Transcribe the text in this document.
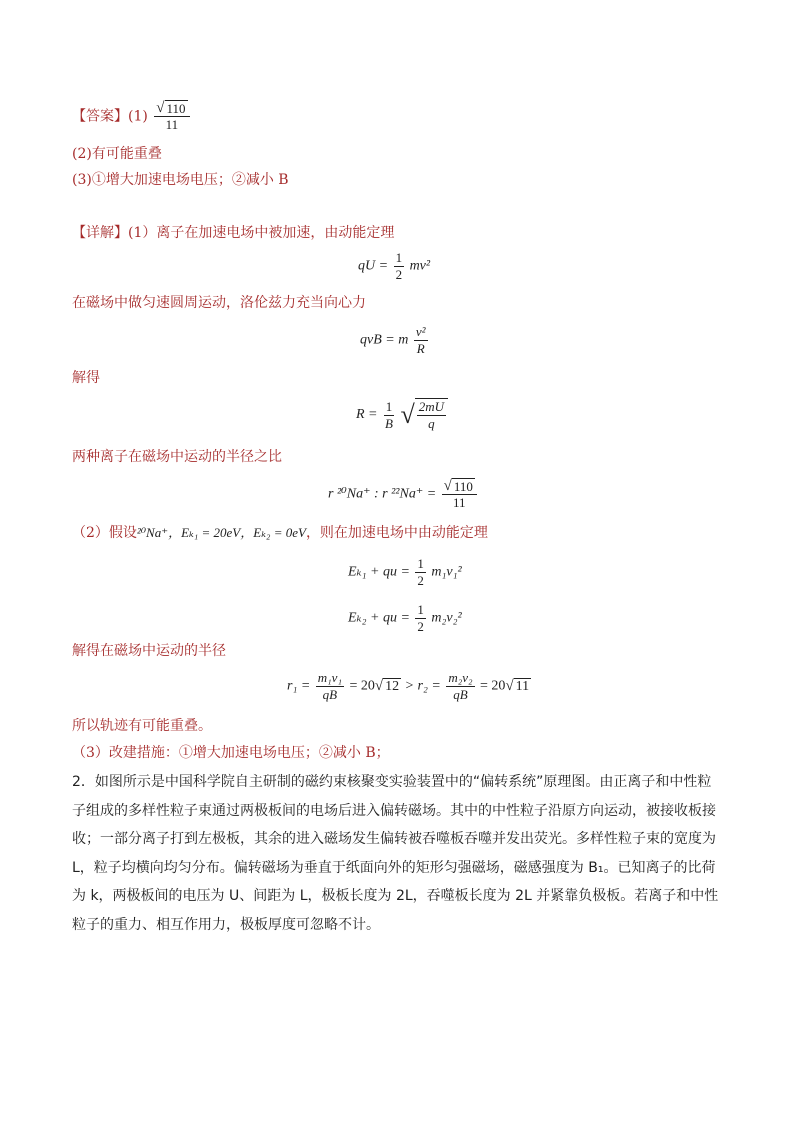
【答案】$(1) \frac{√ 110}{11}$
(2)有可能重叠
(3)①增大加速电场电压；②减小 B
【详解】(1）离子在加速电场中被加速，由动能定理
qU = $\frac{1}{2} mv^2$
在磁场中做匀速圆周运动，洛伦兹力充当向心力
qvB = m $\frac{\text{v²}}{R}$
解得
$R = \frac{1}{B}$
√ $\frac{2mU}{q}$
两种离子在磁场中运动的半径之比
r ²⁰Na⁺ : r $^{22}Na^+ = \frac{√ 110}{11}$
（2）假设²⁰Na⁺，Eₖ₁ = 20eV，Eₖ₂ = 0eV，则在加速电场中由动能定理
Eₖ₁ + qu = $\frac{1}{2} m_1v_1^2$
Eₖ₂ + qu = $\frac{1}{2} m_2v_2^2$
解得在磁场中运动的半径
$r_1 = \frac{\text{m₁v₁}}{qB} = 20$ √ $12 > r_2 = \frac{\text{m₂v₂}}{qB} = 20$ √ 11
所以轨迹有可能重叠。
（3）改建措施：①增大加速电场电压；②减小 B；
2．如图所示是中国科学院自主研制的磁约束核聚变实验装置中的“偏转系统”原理图。由正离子和中性粒子组成的多样性粒子束通过两极板间的电场后进入偏转磁场。其中的中性粒子沿原方向运动，被接收板接收；一部分离子打到左极板，其余的进入磁场发生偏转被吞噬板吞噬并发出荧光。多样性粒子束的宽度为 L，粒子均横向均匀分布。偏转磁场为垂直于纸面向外的矩形匀强磁场，磁感强度为 B₁。已知离子的比荷为 k，两极板间的电压为 U、间距为 L，极板长度为 2L，吞噬板长度为 2L 并紧靠负极板。若离子和中性粒子的重力、相互作用力，极板厚度可忽略不计。
